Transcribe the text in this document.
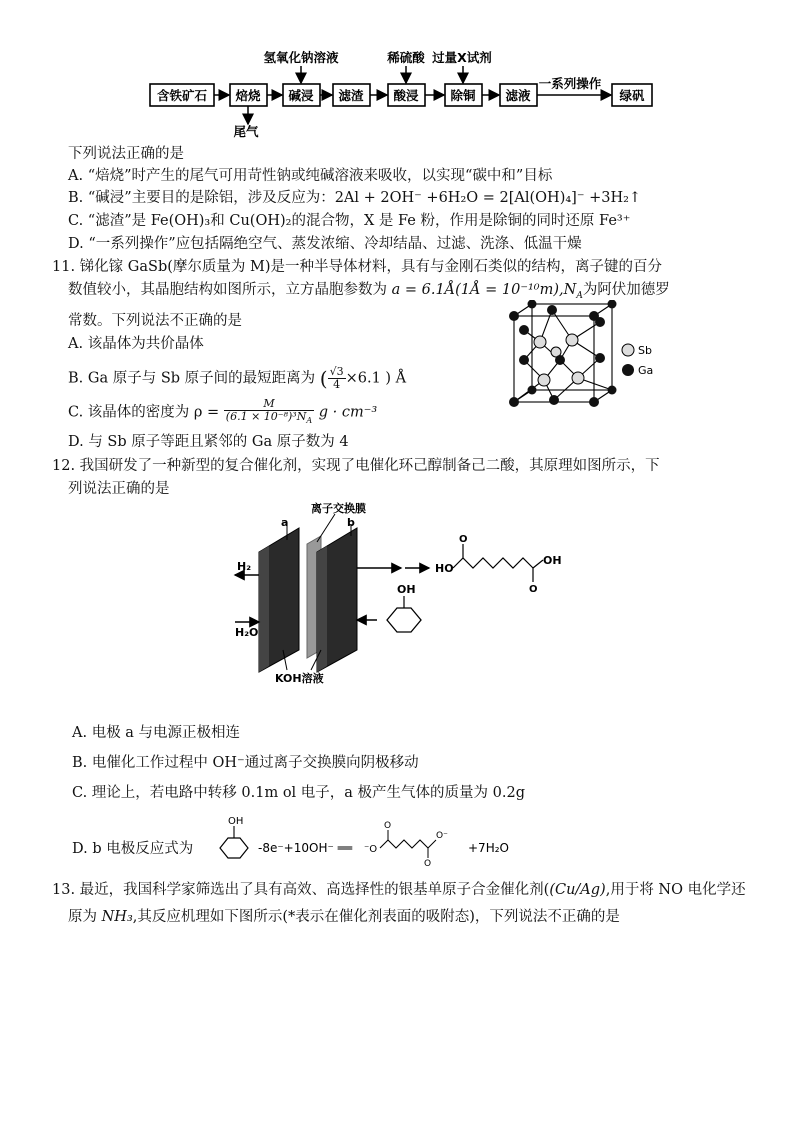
含铁矿石 焙烧 碱浸 滤渣 酸浸	除铜 滤液	绿矾
氢氧化钠溶液	稀硫酸 过量X试剂
尾气
一系列操作
下列说法正确的是
A. “焙烧”时产生的尾气可用苛性钠或纯碱溶液来吸收，以实现“碳中和”目标
B. “碱浸”主要目的是除铝，涉及反应为：2Al + 2OH⁻ +6H₂O = 2[Al(OH)₄]⁻ +3H₂↑
C. “滤渣”是 Fe(OH)₃和 Cu(OH)₂的混合物，X 是 Fe 粉，作用是除铜的同时还原 Fe³⁺
D. “一系列操作”应包括隔绝空气、蒸发浓缩、冷却结晶、过滤、洗涤、低温干燥
11. 锑化镓 GaSb(摩尔质量为 M)是一种半导体材料，具有与金刚石类似的结构，离子键的百分
数值较小，其晶胞结构如图所示，立方晶胞参数为 a = 6.1Å(1Å = $10^{-10}m),N_A$为阿伏加德罗
常数。下列说法不正确的是
A. 该晶体为共价晶体
B. Ga 原子与 Sb 原子间的最短距离为 ( $\frac{√3}{4} \times 6.1$ ) Å
C. 该晶体的密度为 $\rho = \frac{M}{(6.1 \times 10^{-8})^3N_A}$ g · cm⁻³
D. 与 Sb 原子等距且紧邻的 Ga 原子数为 4
Sb
Ga
12. 我国研发了一种新型的复合催化剂，实现了电催化环己醇制备己二酸，其原理如图所示，下
列说法正确的是
离子交换膜
a	b
H₂
H₂O
KOH溶液
HO
O
O
OH
OH
A. 电极 a 与电源正极相连
B. 电催化工作过程中 OH⁻通过离子交换膜向阴极移动
C. 理论上，若电路中转移 0.1m ol 电子，a 极产生气体的质量为 0.2g
D. b 电极反应式为
OH
-8e⁻+10OH⁻ ══ ⁻O
O
O
O⁻
+7H₂O
13. 最近，我国科学家筛选出了具有高效、高选择性的银基单原子合金催化剂((Cu/Ag),用于将 NO 电化学还
原为 NH₃,其反应机理如下图所示(*表示在催化剂表面的吸附态)，下列说法不正确的是
